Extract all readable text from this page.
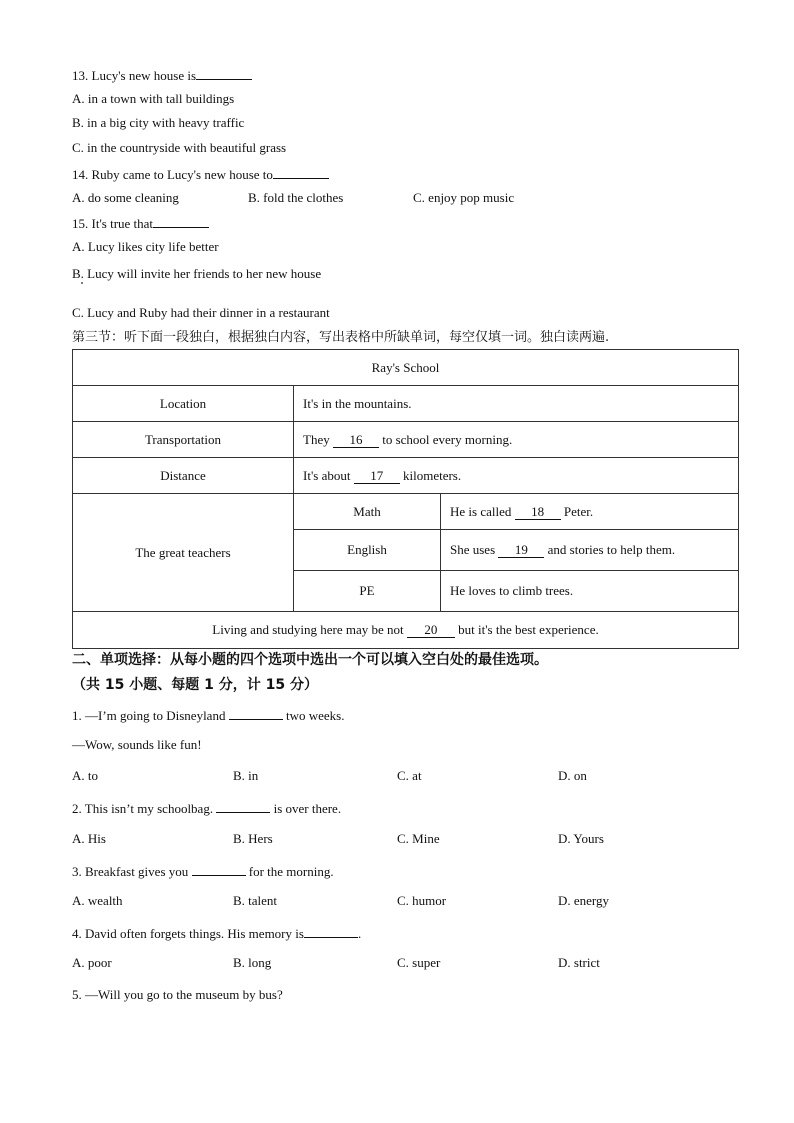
13. Lucy's new house is
A. in a town with tall buildings
B. in a big city with heavy traffic
C. in the countryside with beautiful grass
14. Ruby came to Lucy's new house to
A. do some cleaning	B. fold the clothes	C. enjoy pop music
15. It's true that
A. Lucy likes city life better
B. Lucy will invite her friends to her new house
C. Lucy and Ruby had their dinner in a restaurant
第三节：听下面一段独白，根据独白内容，写出表格中所缺单词，每空仅填一词。独白读两遍.
Ray's School		
Location	It's in the mountains.	
Transportation	They 16 to school every morning.	
Distance	It's about 17 kilometers.	
The great teachers	Math	He is called 18 Peter.
	English	She uses 19 and stories to help them.
	PE	He loves to climb trees.
Living and studying here may be not 20 but it's the best experience.		
二、单项选择：从每小题的四个选项中选出一个可以填入空白处的最佳选项。
（共 15 小题、每题 1 分，计 15 分）
1. —I’m going to Disneyland	two weeks.
—Wow, sounds like fun!
A. to	B. in	C. at	D. on
2. This isn’t my schoolbag.	is over there.
A. His	B. Hers	C. Mine	D. Yours
3. Breakfast gives you	for the morning.
A. wealth	B. talent	C. humor	D. energy
4. David often forgets things. His memory is	.
A. poor	B. long	C. super	D. strict
5. —Will you go to the museum by bus?
